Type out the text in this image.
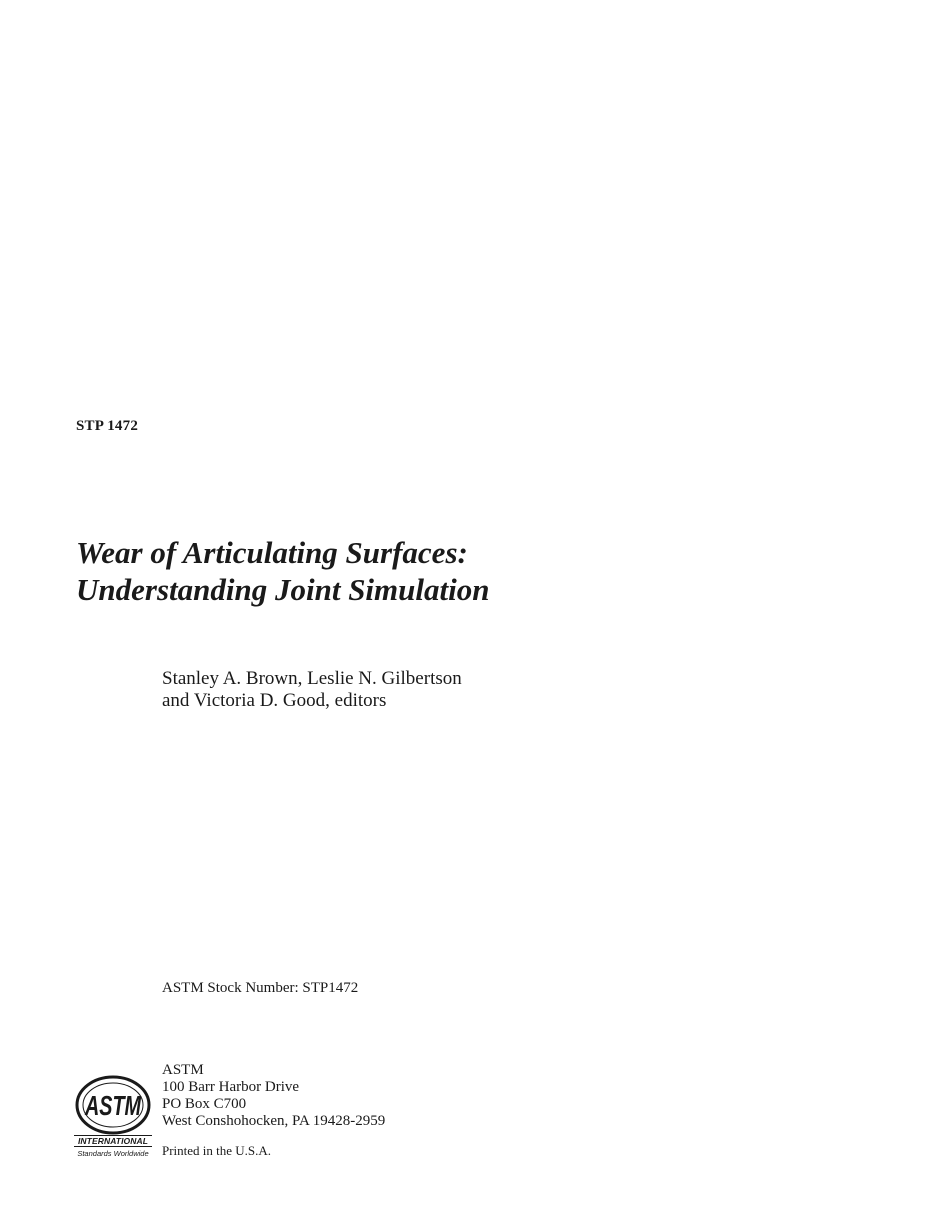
STP 1472
Wear of Articulating Surfaces:
Understanding Joint Simulation
Stanley A. Brown, Leslie N. Gilbertson
and Victoria D. Good, editors
ASTM Stock Number: STP1472
ASTM
INTERNATIONAL
Standards Worldwide
ASTM
100 Barr Harbor Drive
PO Box C700
West Conshohocken, PA 19428-2959
Printed in the U.S.A.
